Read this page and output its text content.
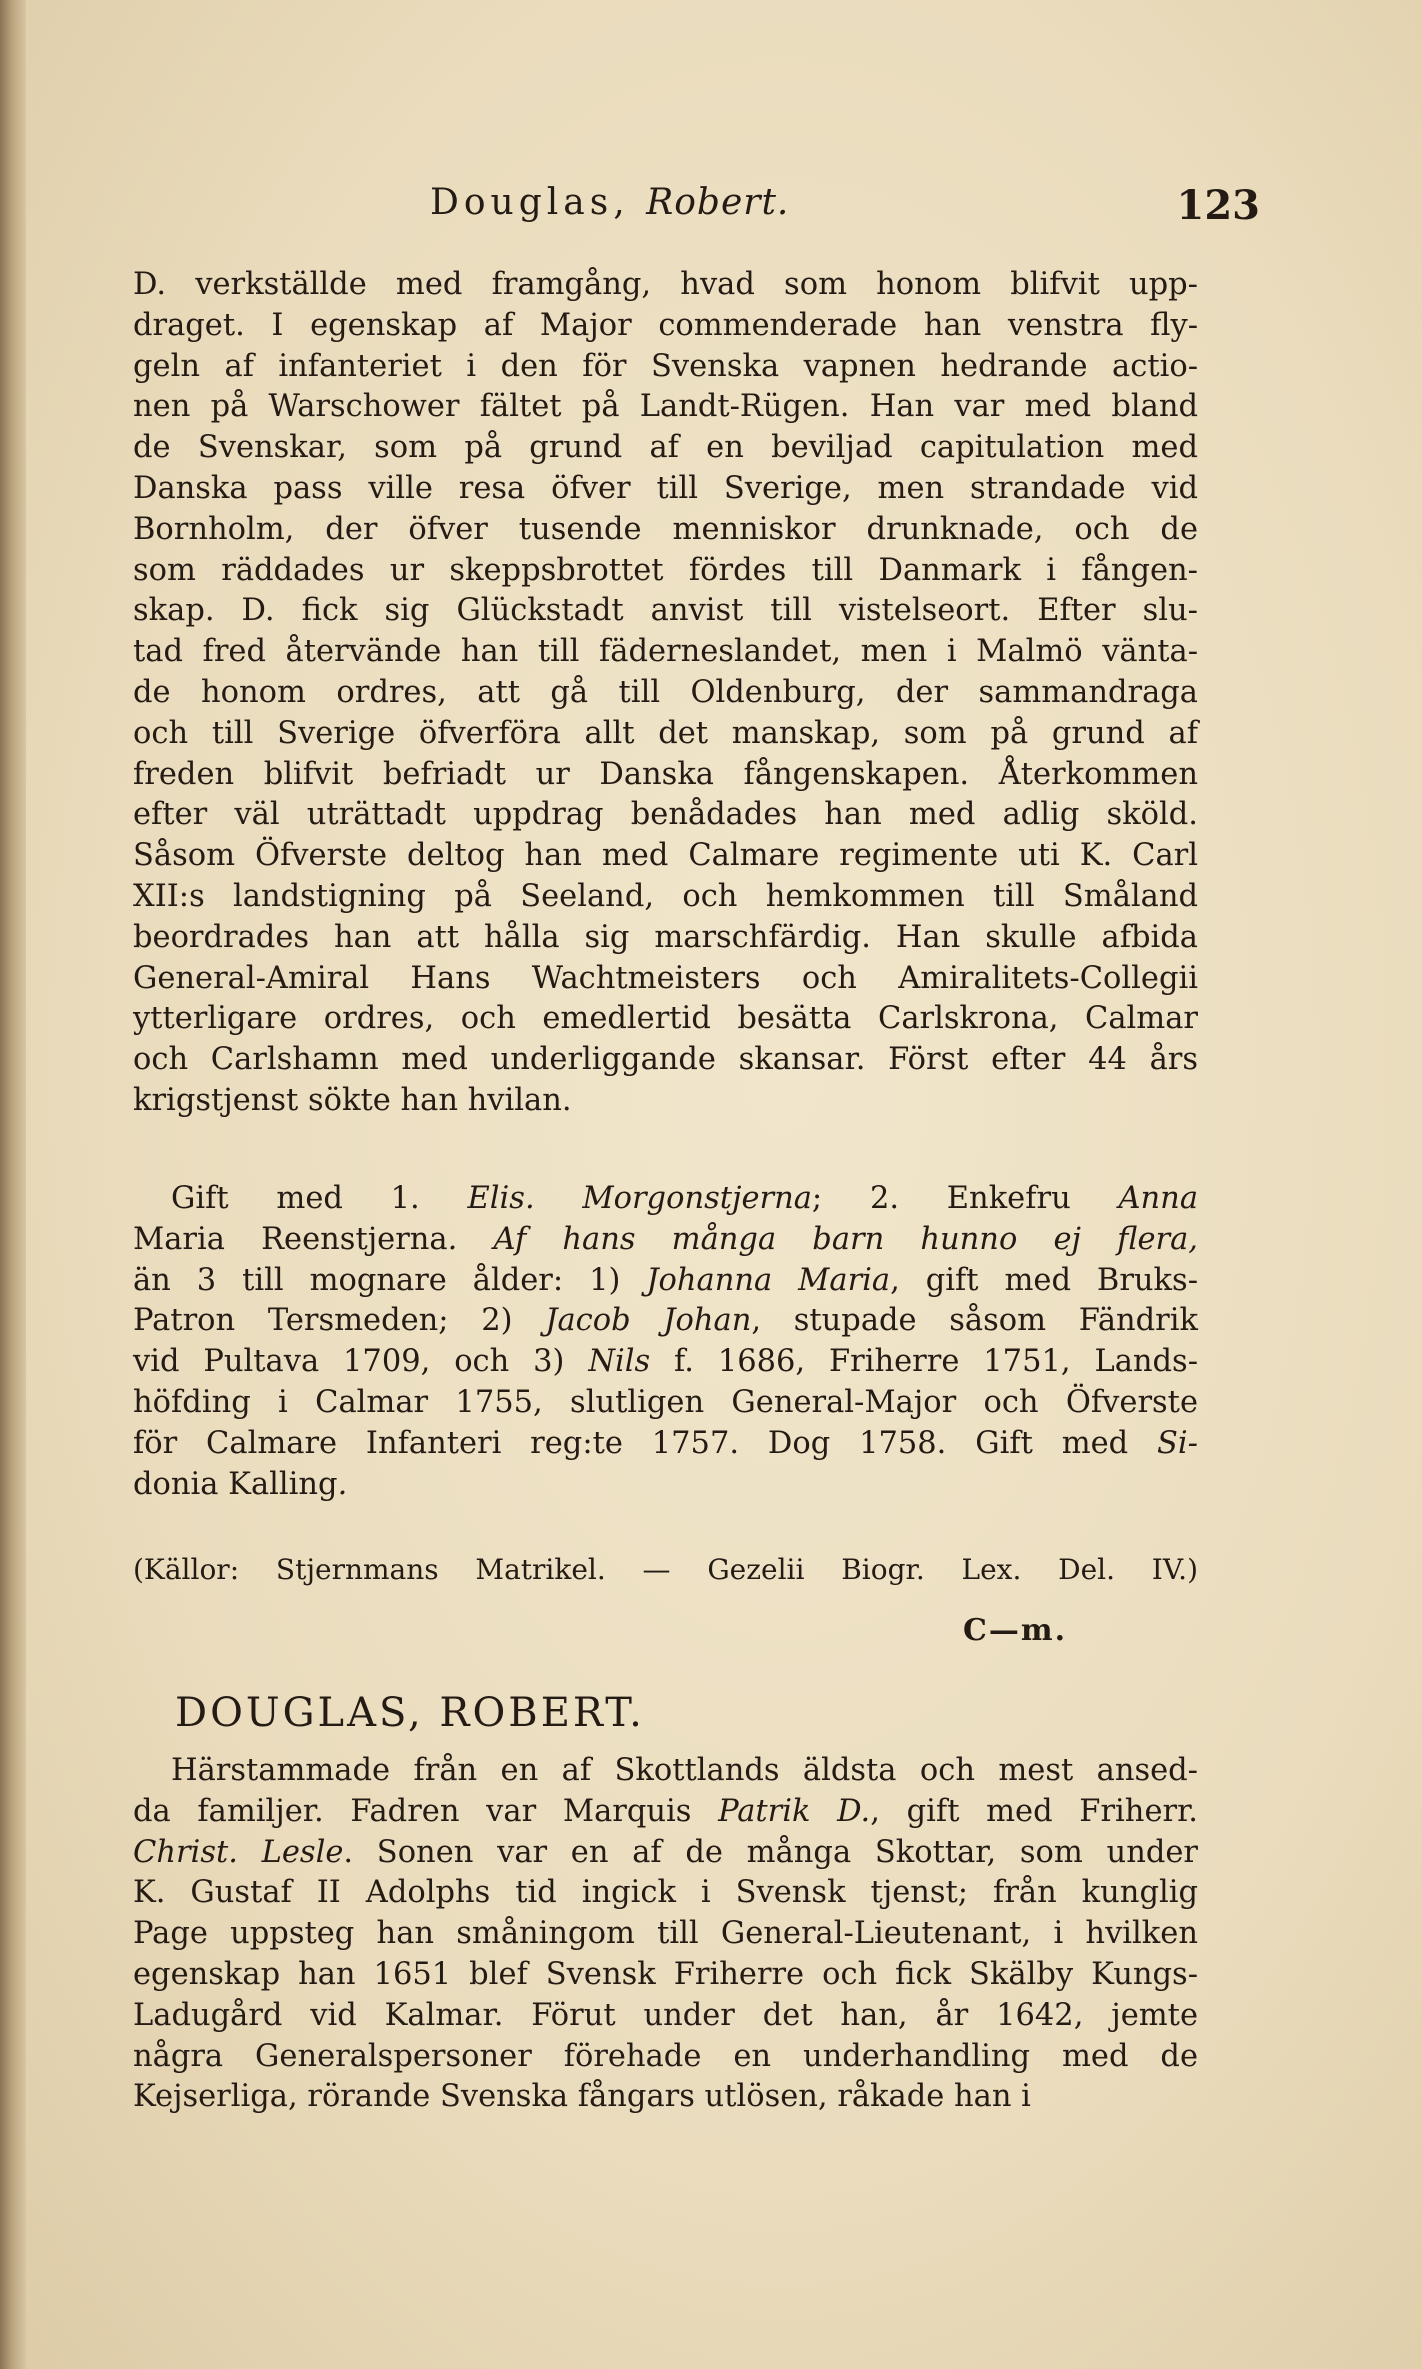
Douglas, Robert.	123
D. verkställde med framgång, hvad som honom blifvit upp-
draget. I egenskap af Major commenderade han venstra fly-
geln af infanteriet i den för Svenska vapnen hedrande actio-
nen på Warschower fältet på Landt-Rügen. Han var med bland
de Svenskar, som på grund af en beviljad capitulation med
Danska pass ville resa öfver till Sverige, men strandade vid
Bornholm, der öfver tusende menniskor drunknade, och de
som räddades ur skeppsbrottet fördes till Danmark i fången-
skap. D. fick sig Glückstadt anvist till vistelseort. Efter slu-
tad fred återvände han till fäderneslandet, men i Malmö vänta-
de honom ordres, att gå till Oldenburg, der sammandraga
och till Sverige öfverföra allt det manskap, som på grund af
freden blifvit befriadt ur Danska fångenskapen. Återkommen
efter väl uträttadt uppdrag benådades han med adlig sköld.
Såsom Öfverste deltog han med Calmare regimente uti K. Carl
XII:s landstigning på Seeland, och hemkommen till Småland
beordrades han att hålla sig marschfärdig. Han skulle afbida
General-Amiral Hans Wachtmeisters och Amiralitets-Collegii
ytterligare ordres, och emedlertid besätta Carlskrona, Calmar
och Carlshamn med underliggande skansar. Först efter 44 års
krigstjenst sökte han hvilan.
Gift med 1. Elis. Morgonstjerna; 2. Enkefru Anna
Maria Reenstjerna. Af hans många barn hunno ej flera,
än 3 till mognare ålder: 1) Johanna Maria, gift med Bruks-
Patron Tersmeden; 2) Jacob Johan, stupade såsom Fändrik
vid Pultava 1709, och 3) Nils f. 1686, Friherre 1751, Lands-
höfding i Calmar 1755, slutligen General-Major och Öfverste
för Calmare Infanteri reg:te 1757. Dog 1758. Gift med Si-
donia Kalling.
(Källor: Stjernmans Matrikel. — Gezelii Biogr. Lex. Del. IV.)
C—m.
DOUGLAS, ROBERT.
Härstammade från en af Skottlands äldsta och mest ansed-
da familjer. Fadren var Marquis Patrik D., gift med Friherr.
Christ. Lesle. Sonen var en af de många Skottar, som under
K. Gustaf II Adolphs tid ingick i Svensk tjenst; från kunglig
Page uppsteg han småningom till General-Lieutenant, i hvilken
egenskap han 1651 blef Svensk Friherre och fick Skälby Kungs-
Ladugård vid Kalmar. Förut under det han, år 1642, jemte
några Generalspersoner förehade en underhandling med de
Kejserliga, rörande Svenska fångars utlösen, råkade han i
